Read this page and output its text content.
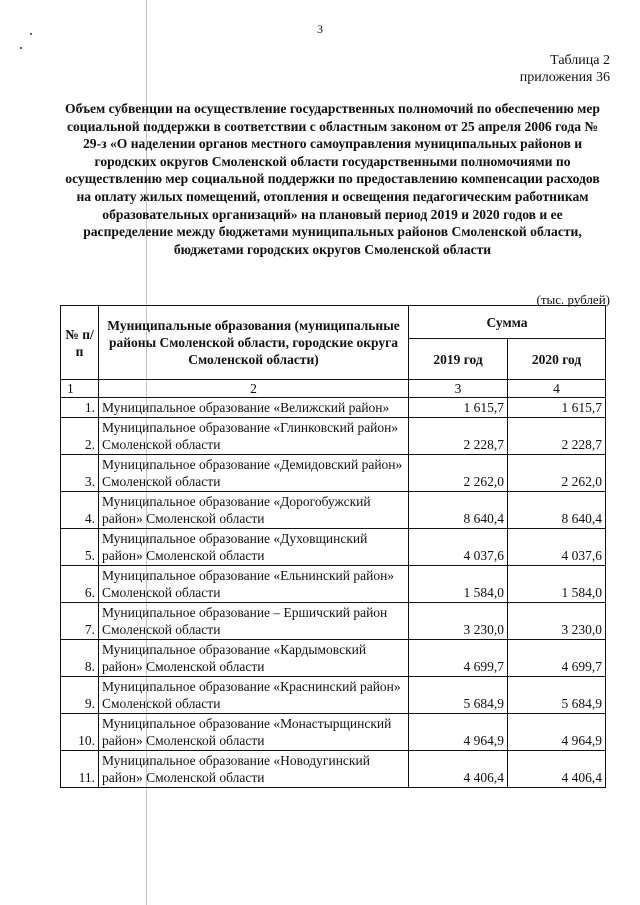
3
Таблица 2
приложения 36
Объем субвенции на осуществление государственных полномочий по обеспечению мер социальной поддержки в соответствии с областным законом от 25 апреля 2006 года № 29-з «О наделении органов местного самоуправления муниципальных районов и городских округов Смоленской области государственными полномочиями по осуществлению мер социальной поддержки по предоставлению компенсации расходов на оплату жилых помещений, отопления и освещения педагогическим работникам образовательных организаций» на плановый период 2019 и 2020 годов и ее распределение между бюджетами муниципальных районов Смоленской области, бюджетами городских округов Смоленской области
(тыс. рублей)
№ п/п	Муниципальные образования (муниципальные районы Смоленской области, городские округа Смоленской области)	Сумма	
		2019 год	2020 год
1	2	3	4
1.	Муниципальное образование «Велижский район»	1 615,7	1 615,7
2.	Муниципальное образование «Глинковский район» Смоленской области	2 228,7	2 228,7
3.	Муниципальное образование «Демидовский район» Смоленской области	2 262,0	2 262,0
4.	Муниципальное образование «Дорогобужский район» Смоленской области	8 640,4	8 640,4
5.	Муниципальное образование «Духовщинский район» Смоленской области	4 037,6	4 037,6
6.	Муниципальное образование «Ельнинский район» Смоленской области	1 584,0	1 584,0
7.	Муниципальное образование – Ершичский район Смоленской области	3 230,0	3 230,0
8.	Муниципальное образование «Кардымовский район» Смоленской области	4 699,7	4 699,7
9.	Муниципальное образование «Краснинский район» Смоленской области	5 684,9	5 684,9
10.	Муниципальное образование «Монастырщинский район» Смоленской области	4 964,9	4 964,9
11.	Муниципальное образование «Новодугинский район» Смоленской области	4 406,4	4 406,4
